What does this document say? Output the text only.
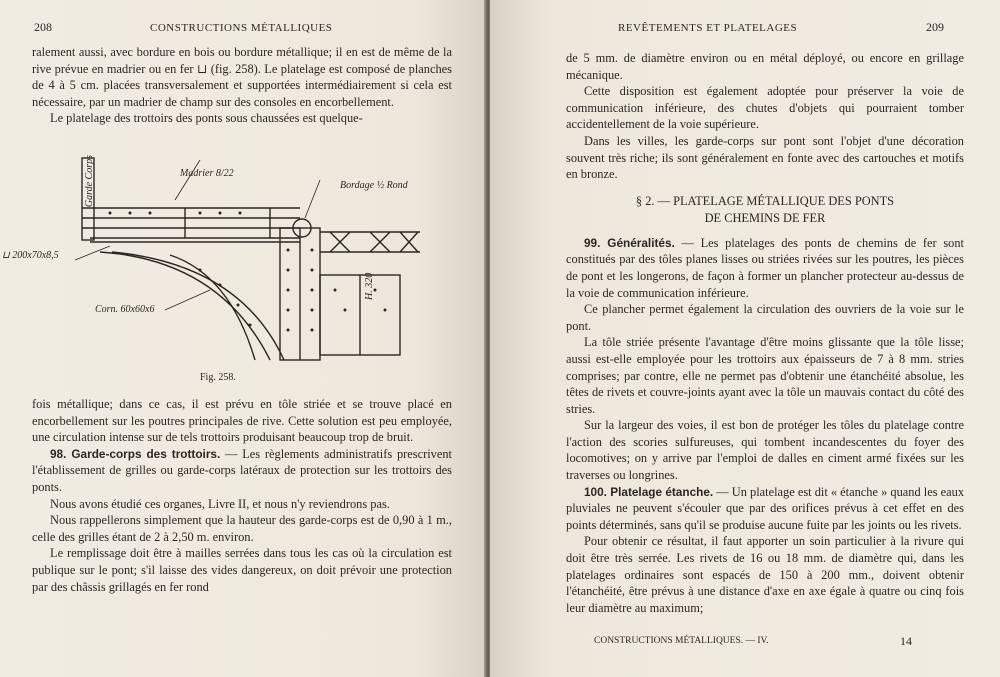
208	CONSTRUCTIONS MÉTALLIQUES

ralement aussi, avec bordure en bois ou bordure métallique; il en est de même de la rive prévue en madrier ou en fer ⊔ (fig. 258). Le platelage est composé de planches de 4 à 5 cm. placées transversalement et supportées intermédiairement si cela est nécessaire, par un madrier de champ sur des consoles en encorbellement.

Le platelage des trottoirs des ponts sous chaussées est quelque-

Garde Corps	Madrier 8/22
Bordage ½ Rond
⊔ 200x70x8,5
Corn. 60x60x6
H. 320
Fig. 258.

fois métallique; dans ce cas, il est prévu en tôle striée et se trouve placé en encorbellement sur les poutres principales de rive. Cette solution est peu employée, une circulation intense sur de tels trottoirs produisant beaucoup trop de bruit.

98. Garde-corps des trottoirs. — Les règlements administratifs prescrivent l'établissement de grilles ou garde-corps latéraux de protection sur les trottoirs des ponts.

Nous avons étudié ces organes, Livre II, et nous n'y reviendrons pas.

Nous rappellerons simplement que la hauteur des garde-corps est de 0,90 à 1 m., celle des grilles étant de 2 à 2,50 m. environ.

Le remplissage doit être à mailles serrées dans tous les cas où la circulation est publique sur le pont; s'il laisse des vides dangereux, on doit prévoir une protection par des châssis grillagés en fer rond

REVÊTEMENTS ET PLATELAGES	209

de 5 mm. de diamètre environ ou en métal déployé, ou encore en grillage mécanique.

Cette disposition est également adoptée pour préserver la voie de communication inférieure, des chutes d'objets qui pourraient tomber accidentellement de la voie supérieure.

Dans les villes, les garde-corps sur pont sont l'objet d'une décoration souvent très riche; ils sont généralement en fonte avec des cartouches et motifs en bronze.

§ 2. — PLATELAGE MÉTALLIQUE DES PONTS
DE CHEMINS DE FER

99. Généralités. — Les platelages des ponts de chemins de fer sont constitués par des tôles planes lisses ou striées rivées sur les poutres, les pièces de pont et les longerons, de façon à former un plancher protecteur au-dessus de la voie de communication inférieure.

Ce plancher permet également la circulation des ouvriers de la voie sur le pont.

La tôle striée présente l'avantage d'être moins glissante que la tôle lisse; aussi est-elle employée pour les trottoirs aux épaisseurs de 7 à 8 mm. stries comprises; par contre, elle ne permet pas d'obtenir une étanchéité absolue, les têtes de rivets et couvre-joints ayant avec la tôle un mauvais contact du côté des stries.

Sur la largeur des voies, il est bon de protéger les tôles du platelage contre l'action des scories sulfureuses, qui tombent incandescentes du foyer des locomotives; on y arrive par l'emploi de dalles en ciment armé fixées sur les traverses ou longrines.

100. Platelage étanche. — Un platelage est dit « étanche » quand les eaux pluviales ne peuvent s'écouler que par des orifices prévus à cet effet en des points déterminés, sans qu'il se produise aucune fuite par les joints ou les rivets.

Pour obtenir ce résultat, il faut apporter un soin particulier à la rivure qui doit être très serrée. Les rivets de 16 ou 18 mm. de diamètre qui, dans les platelages ordinaires sont espacés de 150 à 200 mm., doivent obtenir l'étanchéité, être prévus à une distance d'axe en axe égale à quatre ou cinq fois leur diamètre au maximum;

CONSTRUCTIONS MÉTALLIQUES. — IV.	14
